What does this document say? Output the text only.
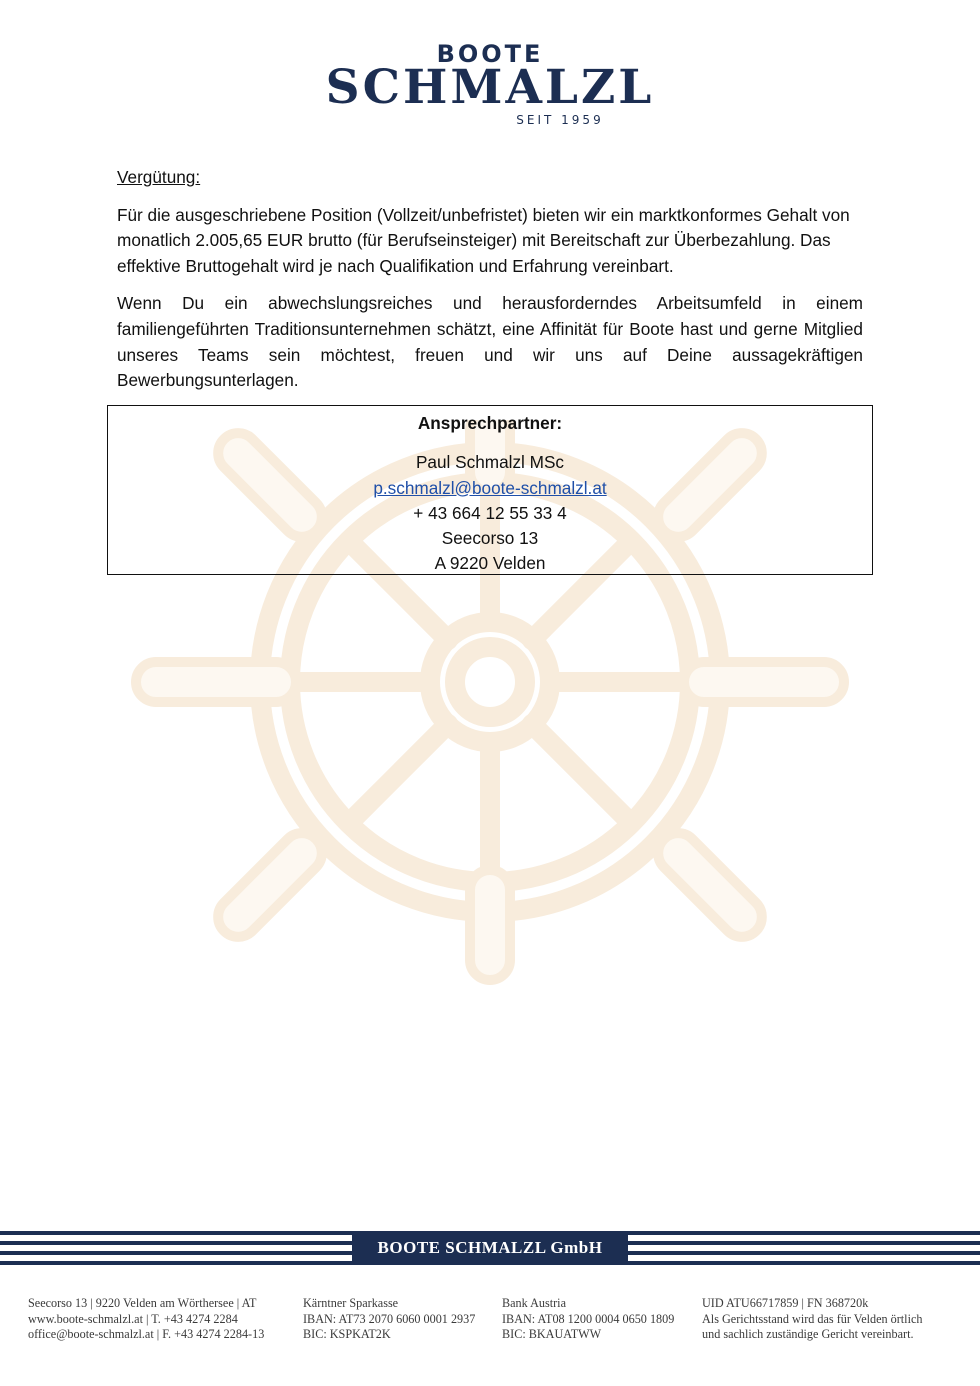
BOOTE
SCHMALZL
SEIT 1959

Vergütung:

Für die ausgeschriebene Position (Vollzeit/unbefristet) bieten wir ein marktkonformes Gehalt von monatlich 2.005,65 EUR brutto (für Berufseinsteiger) mit Bereitschaft zur Überbezahlung. Das effektive Bruttogehalt wird je nach Qualifikation und Erfahrung vereinbart.

Wenn Du ein abwechslungsreiches und herausforderndes Arbeitsumfeld in einem familiengeführten Traditionsunternehmen schätzt, eine Affinität für Boote hast und gerne Mitglied unseres Teams sein möchtest, freuen und wir uns auf Deine aussagekräftigen Bewerbungsunterlagen.

Ansprechpartner:
Paul Schmalzl MSc
p.schmalzl@boote-schmalzl.at
+ 43 664 12 55 33 4
Seecorso 13
A 9220 Velden
BOOTE SCHMALZL GmbH
Seecorso 13 | 9220 Velden am Wörthersee | AT
www.boote-schmalzl.at | T. +43 4274 2284
office@boote-schmalzl.at | F. +43 4274 2284-13
Kärntner Sparkasse
IBAN: AT73 2070 6060 0001 2937
BIC: KSPKAT2K
Bank Austria
IBAN: AT08 1200 0004 0650 1809
BIC: BKAUATWW
UID ATU66717859 | FN 368720k
Als Gerichtsstand wird das für Velden örtlich
und sachlich zuständige Gericht vereinbart.
